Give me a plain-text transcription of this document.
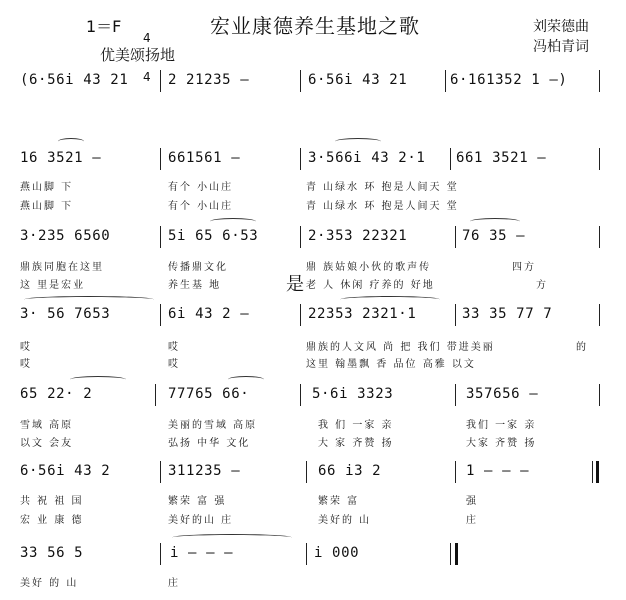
1＝F

4

4

宏业康德养生基地之歌	刘荣德曲
冯柏青词
优美颂扬地
(6·56i 43 21	2 21235 –	6·56i 43 21	6·161352 1 –)
16 3521 –	661561 –	3·566i 43 2·1 661 3521 –
燕山脚 下	有个 小山庄	青 山绿水 环 抱是人间天 堂
燕山脚 下	有个 小山庄	青 山绿水 环 抱是人间天 堂
3·235 6560	5i 65 6·53	2·353 22321	76 35 –
鼎族同胞在这里	传播鼎文化	鼎 族姑娘小伙的歌声传	四方
这 里是宏业	养生基 地	老 人 休闲 疗养的 好地	方
是
3· 56 7653	6i 43 2 –	22353 2321·1	33 35 77 7
哎	哎	鼎族的人文风 尚 把 我们 带进美丽	的
哎	哎	这里 翰墨飘 香 品位 高雅 以文
65 22· 2	77765 66·	5·6i 3323	357656 –
雪域 高原	美丽的雪域 高原	我 们 一家 亲	我们 一家 亲
以文 会友	弘扬 中华 文化	大 家 齐赞 扬	大家 齐赞 扬
6·56i 43 2	311235 –	66 i3 2	1 – – –
共 祝 祖 国	繁荣 富 强	繁荣 富	强
宏 业 康 德	美好的山 庄	美好的 山	庄
33 56 5	i – – –	i 000
美好 的 山	庄
